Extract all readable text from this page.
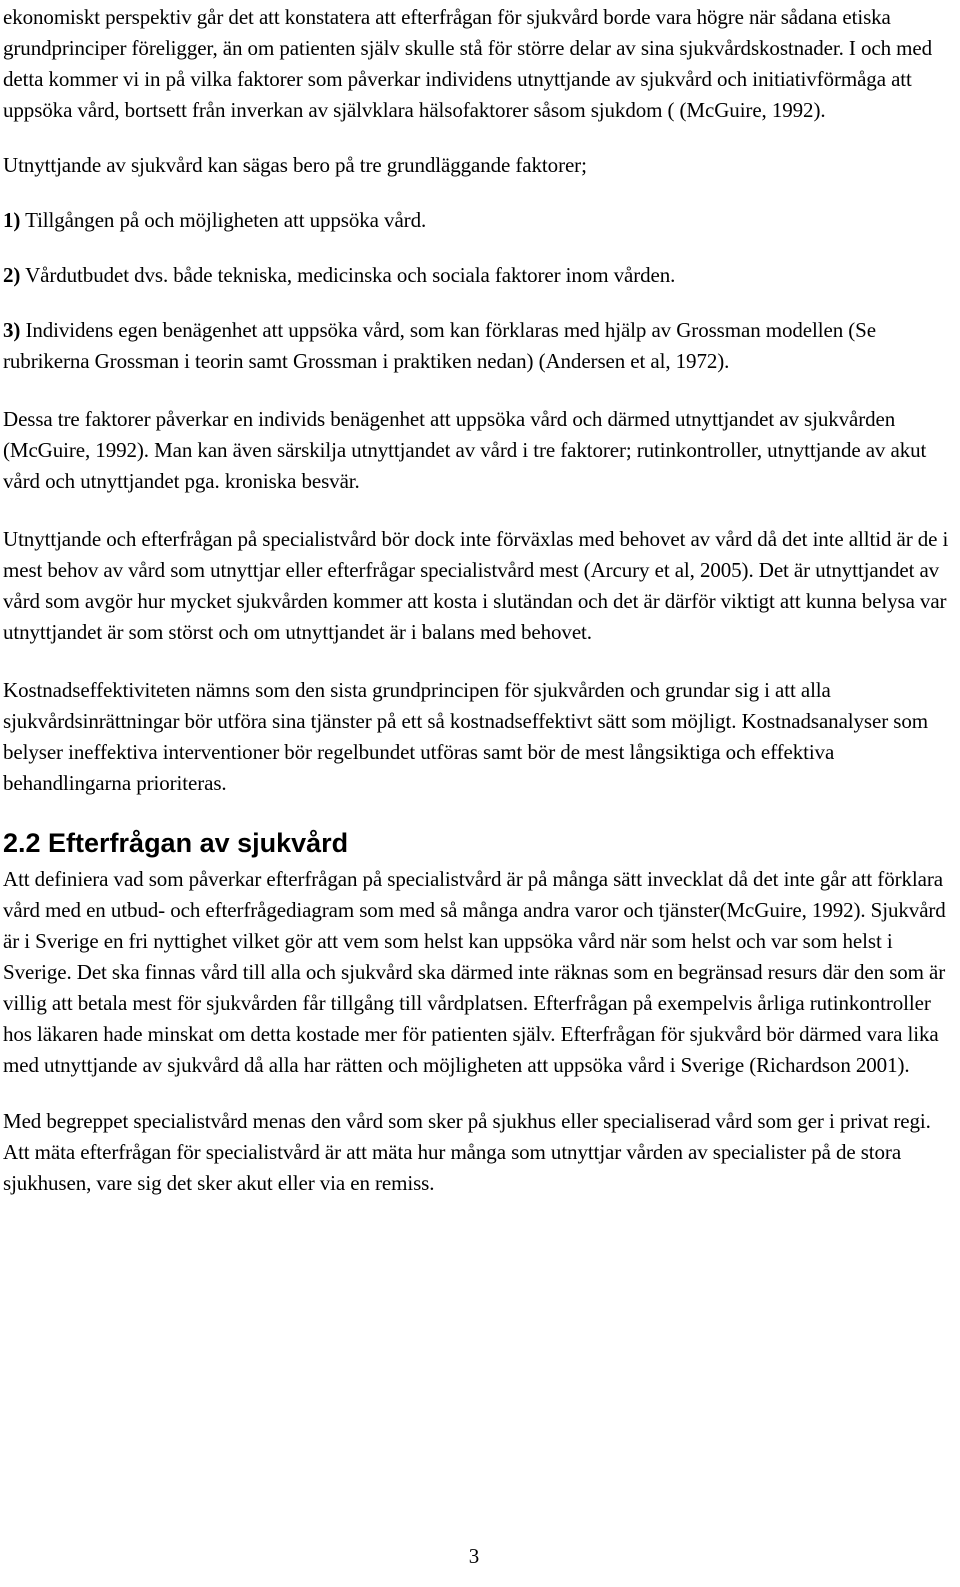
ekonomiskt perspektiv går det att konstatera att efterfrågan för sjukvård borde vara högre när sådana etiska grundprinciper föreligger, än om patienten själv skulle stå för större delar av sina sjukvårdskostnader. I och med detta kommer vi in på vilka faktorer som påverkar individens utnyttjande av sjukvård och initiativförmåga att uppsöka vård, bortsett från inverkan av självklara hälsofaktorer såsom sjukdom ( (McGuire, 1992).

Utnyttjande av sjukvård kan sägas bero på tre grundläggande faktorer;

1) Tillgången på och möjligheten att uppsöka vård.

2) Vårdutbudet dvs. både tekniska, medicinska och sociala faktorer inom vården.

3) Individens egen benägenhet att uppsöka vård, som kan förklaras med hjälp av Grossman modellen (Se rubrikerna Grossman i teorin samt Grossman i praktiken nedan) (Andersen et al, 1972).

Dessa tre faktorer påverkar en individs benägenhet att uppsöka vård och därmed utnyttjandet av sjukvården (McGuire, 1992). Man kan även särskilja utnyttjandet av vård i tre faktorer; rutinkontroller, utnyttjande av akut vård och utnyttjandet pga. kroniska besvär.

Utnyttjande och efterfrågan på specialistvård bör dock inte förväxlas med behovet av vård då det inte alltid är de i mest behov av vård som utnyttjar eller efterfrågar specialistvård mest (Arcury et al, 2005). Det är utnyttjandet av vård som avgör hur mycket sjukvården kommer att kosta i slutändan och det är därför viktigt att kunna belysa var utnyttjandet är som störst och om utnyttjandet är i balans med behovet.

Kostnadseffektiviteten nämns som den sista grundprincipen för sjukvården och grundar sig i att alla sjukvårdsinrättningar bör utföra sina tjänster på ett så kostnadseffektivt sätt som möjligt. Kostnadsanalyser som belyser ineffektiva interventioner bör regelbundet utföras samt bör de mest långsiktiga och effektiva behandlingarna prioriteras.

2.2 Efterfrågan av sjukvård

Att definiera vad som påverkar efterfrågan på specialistvård är på många sätt invecklat då det inte går att förklara vård med en utbud- och efterfrågediagram som med så många andra varor och tjänster(McGuire, 1992). Sjukvård är i Sverige en fri nyttighet vilket gör att vem som helst kan uppsöka vård när som helst och var som helst i Sverige. Det ska finnas vård till alla och sjukvård ska därmed inte räknas som en begränsad resurs där den som är villig att betala mest för sjukvården får tillgång till vårdplatsen. Efterfrågan på exempelvis årliga rutinkontroller hos läkaren hade minskat om detta kostade mer för patienten själv. Efterfrågan för sjukvård bör därmed vara lika med utnyttjande av sjukvård då alla har rätten och möjligheten att uppsöka vård i Sverige (Richardson 2001).

Med begreppet specialistvård menas den vård som sker på sjukhus eller specialiserad vård som ger i privat regi. Att mäta efterfrågan för specialistvård är att mäta hur många som utnyttjar vården av specialister på de stora sjukhusen, vare sig det sker akut eller via en remiss.

3
